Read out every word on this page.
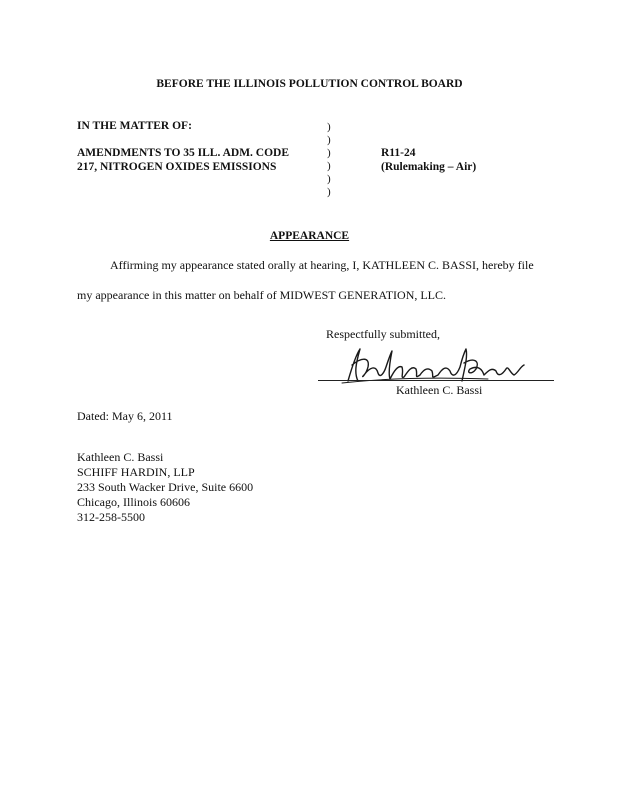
BEFORE THE ILLINOIS POLLUTION CONTROL BOARD
IN THE MATTER OF:
AMENDMENTS TO 35 ILL. ADM. CODE
217, NITROGEN OXIDES EMISSIONS
)
)
)
)
)
)
R11-24
(Rulemaking – Air)
APPEARANCE
Affirming my appearance stated orally at hearing, I, KATHLEEN C. BASSI, hereby file
my appearance in this matter on behalf of MIDWEST GENERATION, LLC.
Respectfully submitted,
Kathleen C. Bassi
Dated: May 6, 2011
Kathleen C. Bassi
SCHIFF HARDIN, LLP
233 South Wacker Drive, Suite 6600
Chicago, Illinois 60606
312-258-5500
